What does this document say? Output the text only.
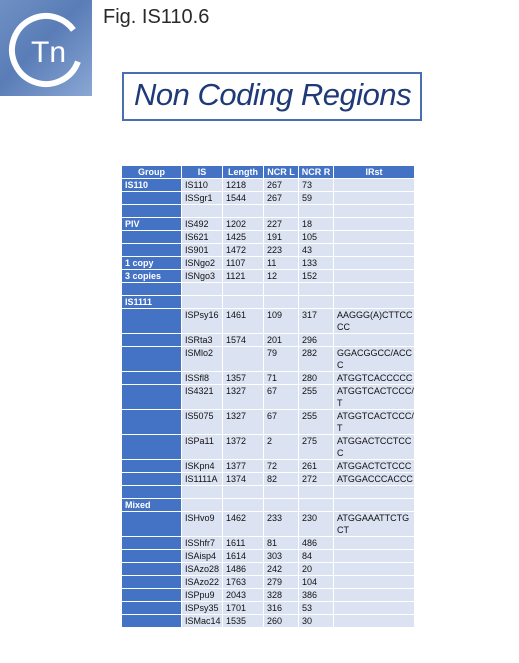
Tn
Fig. IS110.6
Non Coding Regions
Group	IS	Length	NCR L	NCR R	IRst
IS110	IS110	1218	267	73	
	ISSgr1	1544	267	59	

PIV	IS492	1202	227	18	
	IS621	1425	191	105	
	IS901	1472	223	43	
1 copy	ISNgo2	1107	11	133	
3 copies	ISNgo3	1121	12	152	

IS1111					
	ISPsy16	1461	109	317	AAGGG(A)CTTCCCC
	ISRta3	1574	201	296	
	ISMlo2		79	282	GGACGGCC/ACCC
	ISSfl8	1357	71	280	ATGGTCACCCCC
	IS4321	1327	67	255	ATGGTCACTCCC/T
	IS5075	1327	67	255	ATGGTCACTCCC/T
	ISPa11	1372	2	275	ATGGACTCCTCCC
	ISKpn4	1377	72	261	ATGGACTCTCCC
	IS1111A	1374	82	272	ATGGACCCACCC

Mixed					
	ISHvo9	1462	233	230	ATGGAAATTCTGCT
	ISShfr7	1611	81	486	
	ISAisp4	1614	303	84	
	ISAzo28	1486	242	20	
	ISAzo22	1763	279	104	
	ISPpu9	2043	328	386	
	ISPsy35	1701	316	53	
	ISMac14	1535	260	30	
